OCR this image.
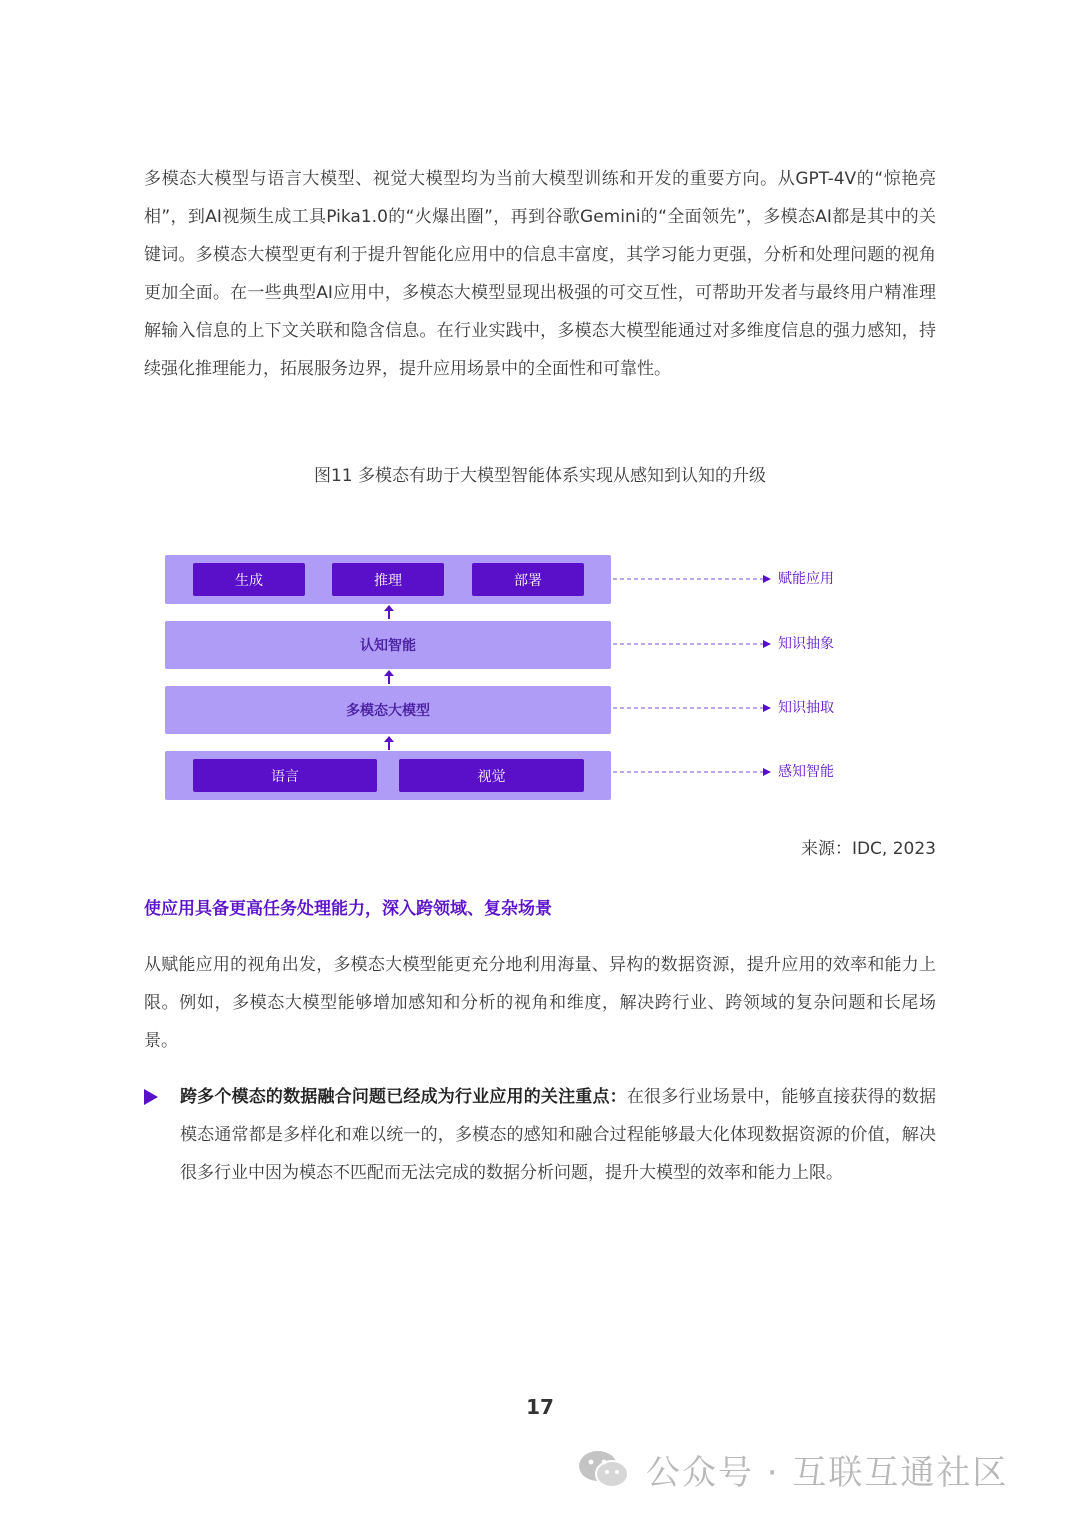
多模态大模型与语言大模型、视觉大模型均为当前大模型训练和开发的重要方向。从GPT-4V的“惊艳亮相”，到AI视频生成工具Pika1.0的“火爆出圈”，再到谷歌Gemini的“全面领先”，多模态AI都是其中的关键词。多模态大模型更有利于提升智能化应用中的信息丰富度，其学习能力更强，分析和处理问题的视角更加全面。在一些典型AI应用中，多模态大模型显现出极强的可交互性，可帮助开发者与最终用户精准理解输入信息的上下文关联和隐含信息。在行业实践中，多模态大模型能通过对多维度信息的强力感知，持续强化推理能力，拓展服务边界，提升应用场景中的全面性和可靠性。

图11 多模态有助于大模型智能体系实现从感知到认知的升级
生成	推理	部署
认知智能
多模态大模型
语言	视觉
赋能应用
知识抽象
知识抽取
感知智能
来源：IDC, 2023
使应用具备更高任务处理能力，深入跨领域、复杂场景

从赋能应用的视角出发，多模态大模型能更充分地利用海量、异构的数据资源，提升应用的效率和能力上限。例如，多模态大模型能够增加感知和分析的视角和维度，解决跨行业、跨领域的复杂问题和长尾场景。

跨多个模态的数据融合问题已经成为行业应用的关注重点：在很多行业场景中，能够直接获得的数据模态通常都是多样化和难以统一的，多模态的感知和融合过程能够最大化体现数据资源的价值，解决很多行业中因为模态不匹配而无法完成的数据分析问题，提升大模型的效率和能力上限。

17
公众号 · 互联互通社区
